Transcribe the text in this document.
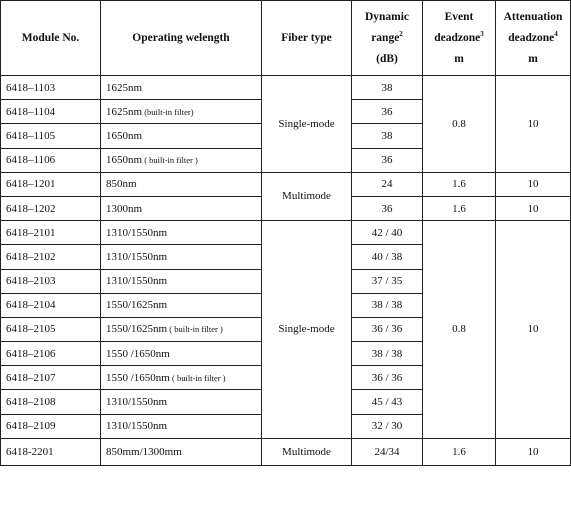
Module No.	Operating welength	Fiber type	Dynamic
range$^2$
(dB)	Event
deadzone$^3$
m	Attenuation
deadzone$^4$
m

6418–1103	1625nm	Single-mode	38	0.8	10
6418–1104	1625nm (built-in filter)		36		
6418–1105	1650nm		38		
6418–1106	1650nm ( built-in filter )		36		
6418–1201	850nm	Multimode	24	1.6	10
6418–1202	1300nm		36	1.6	10
6418–2101	1310/1550nm	Single-mode	42 / 40	0.8	10
6418–2102	1310/1550nm		40 / 38		
6418–2103	1310/1550nm		37 / 35		
6418–2104	1550/1625nm		38 / 38		
6418–2105	1550/1625nm ( built-in filter )		36 / 36		
6418–2106	1550 /1650nm		38 / 38		
6418–2107	1550 /1650nm ( built-in filter )		36 / 36		
6418–2108	1310/1550nm		45 / 43		
6418–2109	1310/1550nm		32 / 30		
6418-2201	850mm/1300mm	Multimode	24/34	1.6	10
